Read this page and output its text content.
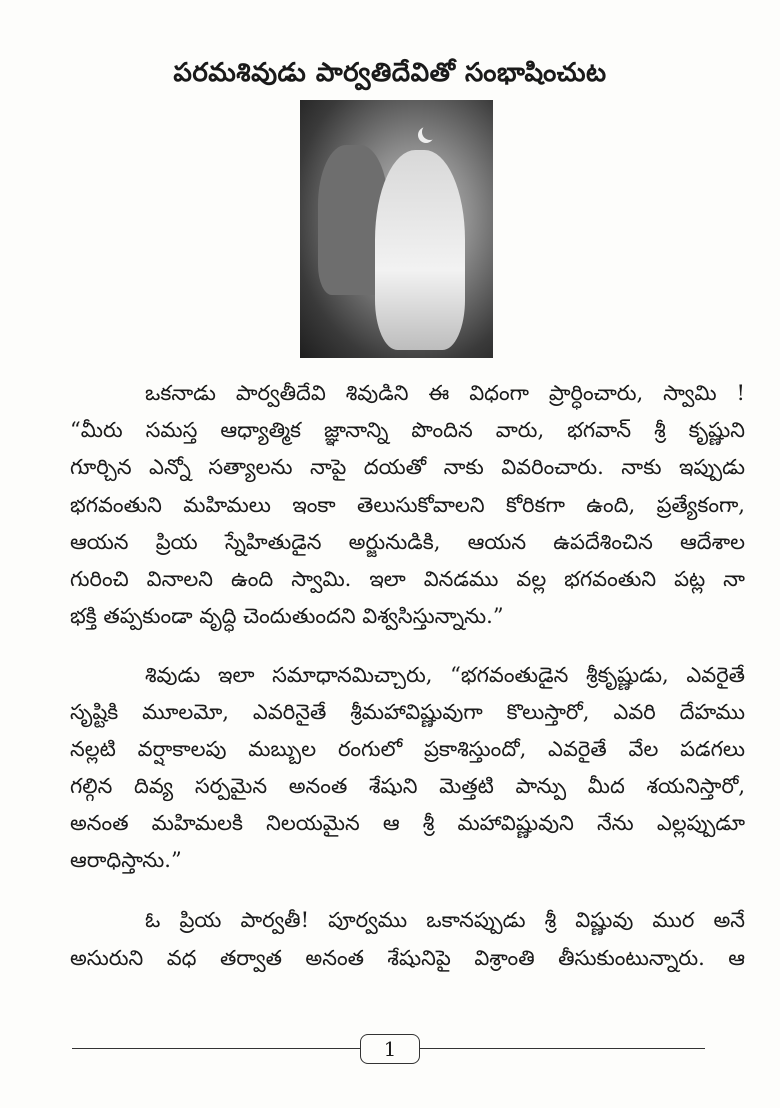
పరమశివుడు పార్వతిదేవితో సంభాషించుట
ఒకనాడు పార్వతీదేవి శివుడిని ఈ విధంగా ప్రార్ధించారు, స్వామి !
“మీరు సమస్త ఆధ్యాత్మిక జ్ఞానాన్ని పొందిన వారు, భగవాన్ శ్రీ కృష్ణుని
గూర్చిన ఎన్నో సత్యాలను నాపై దయతో నాకు వివరించారు. నాకు ఇప్పుడు
భగవంతుని మహిమలు ఇంకా తెలుసుకోవాలని కోరికగా ఉంది, ప్రత్యేకంగా,
ఆయన ప్రియ స్నేహితుడైన అర్జునుడికి, ఆయన ఉపదేశించిన ఆదేశాల
గురించి వినాలని ఉంది స్వామి. ఇలా వినడము వల్ల భగవంతుని పట్ల నా
భక్తి తప్పకుండా వృద్ధి చెందుతుందని విశ్వసిస్తున్నాను.”
శివుడు ఇలా సమాధానమిచ్చారు, “భగవంతుడైన శ్రీకృష్ణుడు, ఎవరైతే
సృష్టికి మూలమో, ఎవరినైతే శ్రీమహావిష్ణువుగా కొలుస్తారో, ఎవరి దేహము
నల్లటి వర్షాకాలపు మబ్బుల రంగులో ప్రకాశిస్తుందో, ఎవరైతే వేల పడగలు
గల్గిన దివ్య సర్పమైన అనంత శేషుని మెత్తటి పాన్పు మీద శయనిస్తారో,
అనంత మహిమలకి నిలయమైన ఆ శ్రీ మహావిష్ణువుని నేను ఎల్లప్పుడూ
ఆరాధిస్తాను.”
ఓ ప్రియ పార్వతీ! పూర్వము ఒకానప్పుడు శ్రీ విష్ణువు ముర అనే
అసురుని వధ తర్వాత అనంత శేషునిపై విశ్రాంతి తీసుకుంటున్నారు. ఆ
1
